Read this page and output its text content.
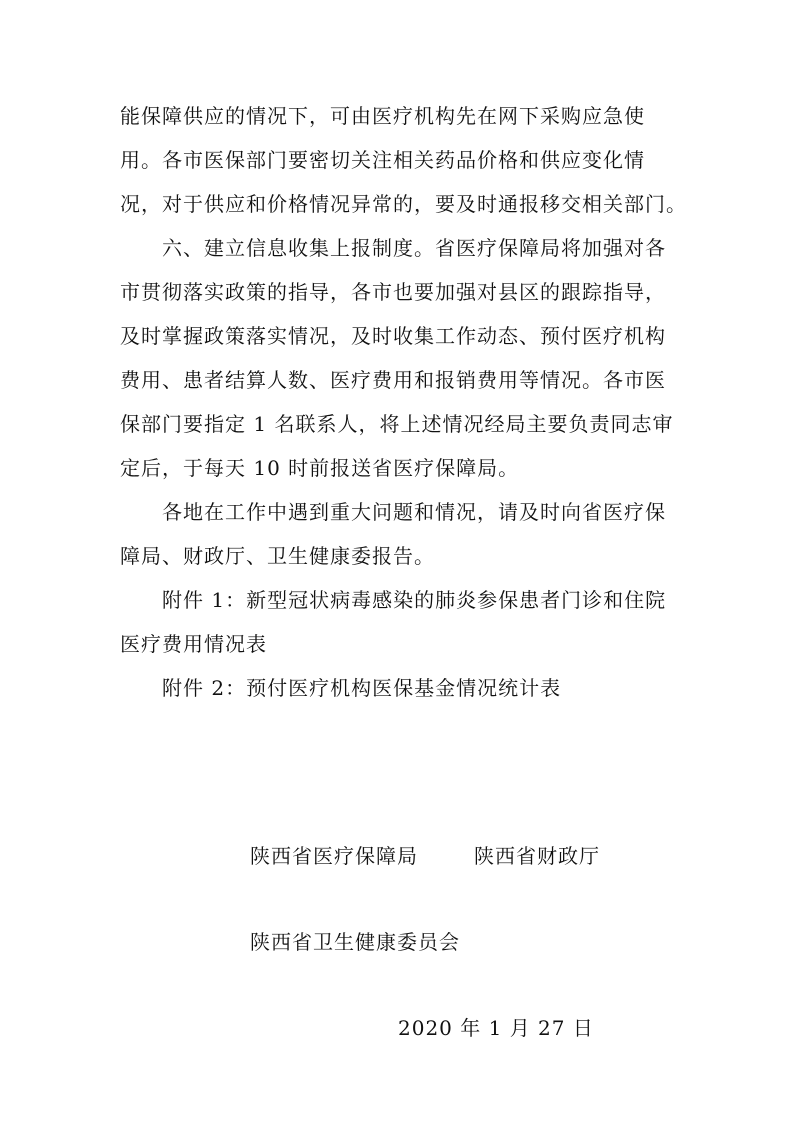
能保障供应的情况下，可由医疗机构先在网下采购应急使
用。各市医保部门要密切关注相关药品价格和供应变化情
况，对于供应和价格情况异常的，要及时通报移交相关部门。
六、建立信息收集上报制度。省医疗保障局将加强对各
市贯彻落实政策的指导，各市也要加强对县区的跟踪指导，
及时掌握政策落实情况，及时收集工作动态、预付医疗机构
费用、患者结算人数、医疗费用和报销费用等情况。各市医
保部门要指定 1 名联系人，将上述情况经局主要负责同志审
定后，于每天 10 时前报送省医疗保障局。
各地在工作中遇到重大问题和情况，请及时向省医疗保
障局、财政厅、卫生健康委报告。
附件 1：新型冠状病毒感染的肺炎参保患者门诊和住院
医疗费用情况表
附件 2：预付医疗机构医保基金情况统计表
陕西省医疗保障局	陕西省财政厅
陕西省卫生健康委员会
2020 年 1 月 27 日
